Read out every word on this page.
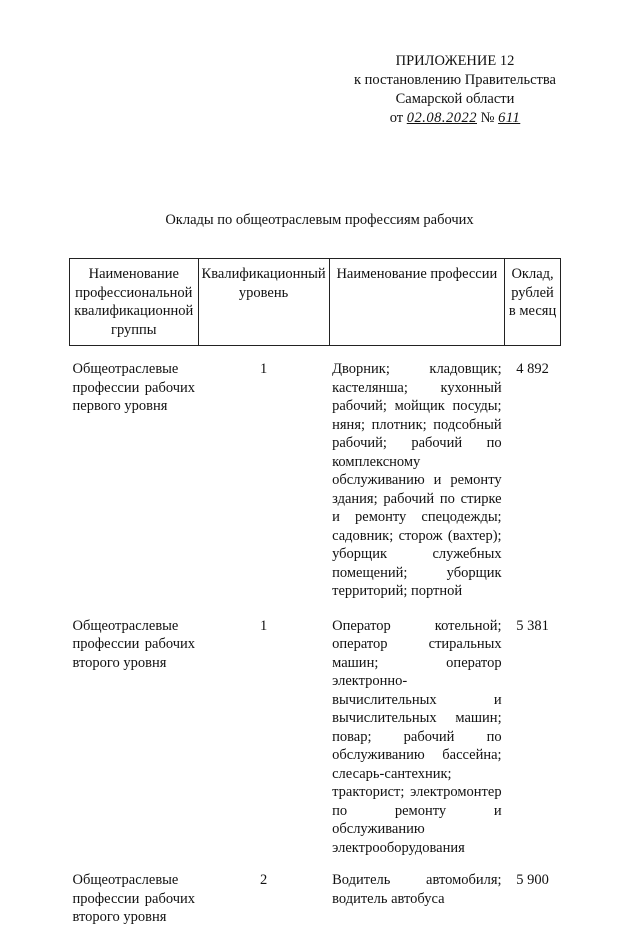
ПРИЛОЖЕНИЕ 12
к постановлению Правительства
Самарской области
от 02.08.2022 № 611
Оклады по общеотраслевым профессиям рабочих
Наименование профессиональной квалификационной группы	Квалификационный уровень	Наименование профессии	Оклад, рублей в месяц
Общеотраслевые профессии рабочих первого уровня	1	Дворник; кладовщик; кастелянша; кухонный рабочий; мойщик посуды; няня; плотник; подсобный рабочий; рабочий по комплексному обслуживанию и ремонту здания; рабочий по стирке и ремонту спецодежды; садовник; сторож (вахтер); уборщик служебных помещений; уборщик территорий; портной	4 892
Общеотраслевые профессии рабочих второго уровня	1	Оператор котельной; оператор стиральных машин; оператор электронно-вычислительных и вычислительных машин; повар; рабочий по обслуживанию бассейна; слесарь-сантехник; тракторист; электромонтер по ремонту и обслуживанию электрооборудования	5 381
Общеотраслевые профессии рабочих второго уровня	2	Водитель автомобиля; водитель автобуса	5 900
